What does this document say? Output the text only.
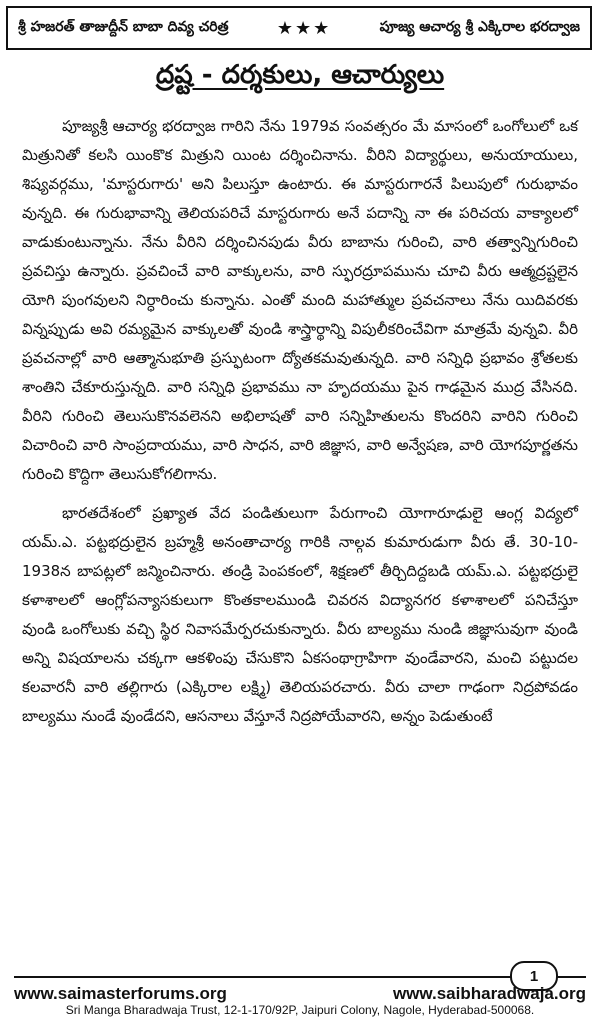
శ్రీ హజరత్ తాజుద్దీన్ బాబా దివ్య చరిత్ర	★★★	పూజ్య ఆచార్య శ్రీ ఎక్కిరాల భరద్వాజ
ద్రష్ట - దర్శకులు, ఆచార్యులు

పూజ్యశ్రీ ఆచార్య భరద్వాజ గారిని నేను 1979వ సంవత్సరం మే మాసంలో ఒంగోలులో ఒక మిత్రునితో కలసి యింకొక మిత్రుని యింట దర్శించినాను. వీరిని విద్యార్థులు, అనుయాయులు, శిష్యవర్గము, 'మాస్టరుగారు' అని పిలుస్తూ ఉంటారు. ఈ మాస్టరుగారనే పిలుపులో గురుభావం వున్నది. ఈ గురుభావాన్ని తెలియపరిచే మాస్టరుగారు అనే పదాన్ని నా ఈ పరిచయ వాక్యాలలో వాడుకుంటున్నాను. నేను వీరిని దర్శించినపుడు వీరు బాబాను గురించి, వారి తత్వాన్నిగురించి ప్రవచిస్తు ఉన్నారు. ప్రవచించే వారి వాక్కులను, వారి స్ఫురద్రూపమును చూచి వీరు ఆత్మద్రష్టలైన యోగి పుంగవులని నిర్ధారించు కున్నాను. ఎంతో మంది మహాత్ముల ప్రవచనాలు నేను యిదివరకు విన్నప్పుడు అవి రమ్యమైన వాక్కులతో వుండి శాస్త్రార్థాన్ని విపులీకరించేవిగా మాత్రమే వున్నవి. వీరి ప్రవచనాల్లో వారి ఆత్మానుభూతి ప్రస్ఫుటంగా ద్యోతకమవుతున్నది. వారి సన్నిధి ప్రభావం శ్రోతలకు శాంతిని చేకూరుస్తున్నది. వారి సన్నిధి ప్రభావము నా హృదయము పైన గాఢమైన ముద్ర వేసినది. వీరిని గురించి తెలుసుకొనవలెనని అభిలాషతో వారి సన్నిహితులను కొందరిని వారిని గురించి విచారించి వారి సాంప్రదాయము, వారి సాధన, వారి జిజ్ఞాస, వారి అన్వేషణ, వారి యోగపూర్ణతను గురించి కొద్దిగా తెలుసుకోగలిగాను.

భారతదేశంలో ప్రఖ్యాత వేద పండితులుగా పేరుగాంచి యోగారూఢులై ఆంగ్ల విద్యలో యమ్.ఎ. పట్టభద్రులైన బ్రహ్మశ్రీ అనంతాచార్య గారికి నాల్గవ కుమారుడుగా వీరు తే. 30-10-1938న బాపట్లలో జన్మించినారు. తండ్రి పెంపకంలో, శిక్షణలో తీర్చిదిద్దబడి యమ్.ఎ. పట్టభద్రులై కళాశాలలో ఆంగ్లోపన్యాసకులుగా కొంతకాలముండి చివరన విద్యానగర కళాశాలలో పనిచేస్తూ వుండి ఒంగోలుకు వచ్చి స్థిర నివాసమేర్పరచుకున్నారు. వీరు బాల్యము నుండి జిజ్ఞాసువుగా వుండి అన్ని విషయాలను చక్కగా ఆకళింపు చేసుకొని ఏకసంథాగ్రాహిగా వుండేవారని, మంచి పట్టుదల కలవారనీ వారి తల్లిగారు (ఎక్కిరాల లక్ష్మి) తెలియపరచారు. వీరు చాలా గాఢంగా నిద్రపోవడం బాల్యము నుండే వుండేదని, ఆసనాలు వేస్తూనే నిద్రపోయేవారని, అన్నం పెడుతుంటే

1
www.saimasterforums.org	www.saibharadwaja.org
Sri Manga Bharadwaja Trust, 12-1-170/92P, Jaipuri Colony, Nagole, Hyderabad-500068.
